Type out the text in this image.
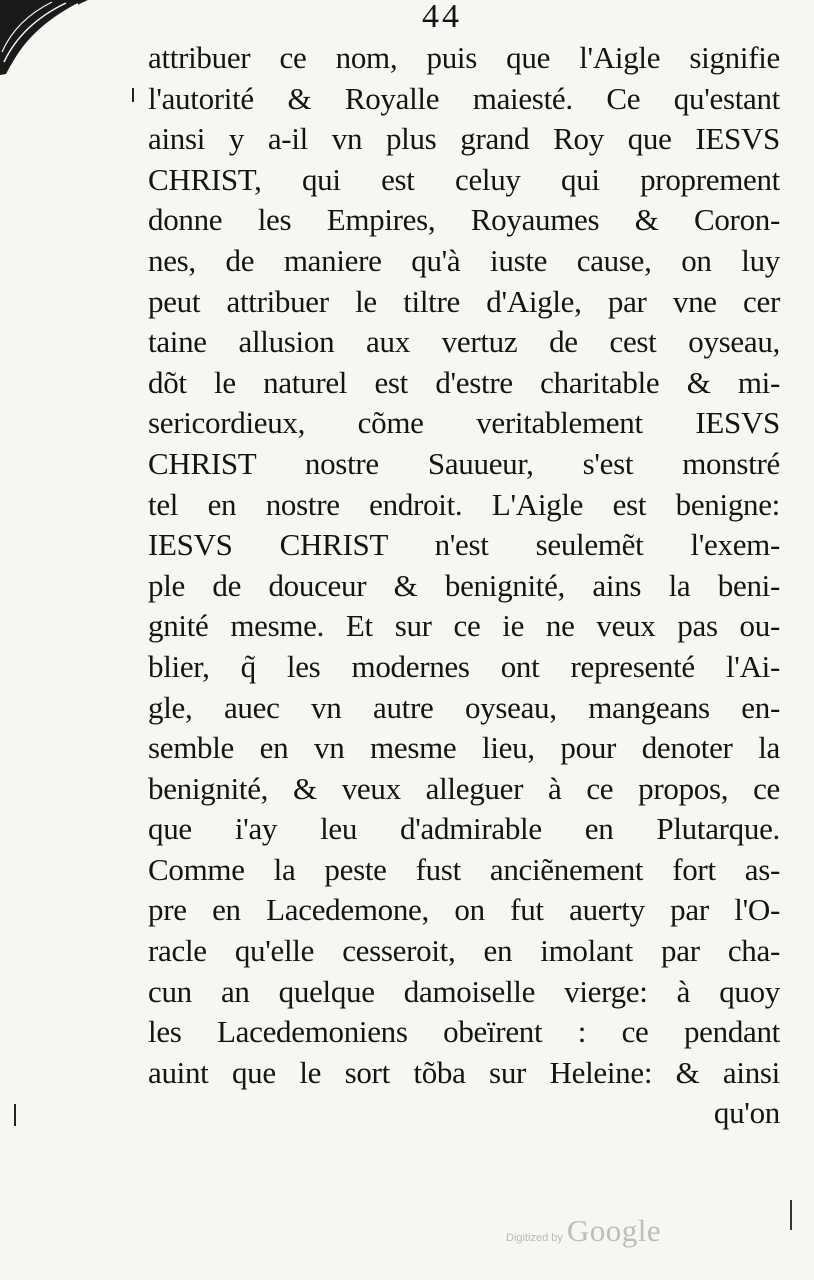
44
attribuer ce nom, puis que l'Aigle signifie
l'autorité & Royalle maiesté. Ce qu'estant
ainsi y a-il vn plus grand Roy que IESVS
CHRIST, qui est celuy qui proprement
donne les Empires, Royaumes & Coron-
nes, de maniere qu'à iuste cause, on luy
peut attribuer le tiltre d'Aigle, par vne cer
taine allusion aux vertuz de cest oyseau,
dõt le naturel est d'estre charitable & mi-
sericordieux, cõme veritablement IESVS
CHRIST nostre Sauueur, s'est monstré
tel en nostre endroit. L'Aigle est benigne:
IESVS CHRIST n'est seulemẽt l'exem-
ple de douceur & benignité, ains la beni-
gnité mesme. Et sur ce ie ne veux pas ou-
blier, q̃ les modernes ont representé l'Ai-
gle, auec vn autre oyseau, mangeans en-
semble en vn mesme lieu, pour denoter la
benignité, & veux alleguer à ce propos, ce
que i'ay leu d'admirable en Plutarque.
Comme la peste fust anciẽnement fort as-
pre en Lacedemone, on fut auerty par l'O-
racle qu'elle cesseroit, en imolant par cha-
cun an quelque damoiselle vierge: à quoy
les Lacedemoniens obeïrent : ce pendant
auint que le sort tõba sur Heleine: & ainsi
qu'on
Digitized by Google
